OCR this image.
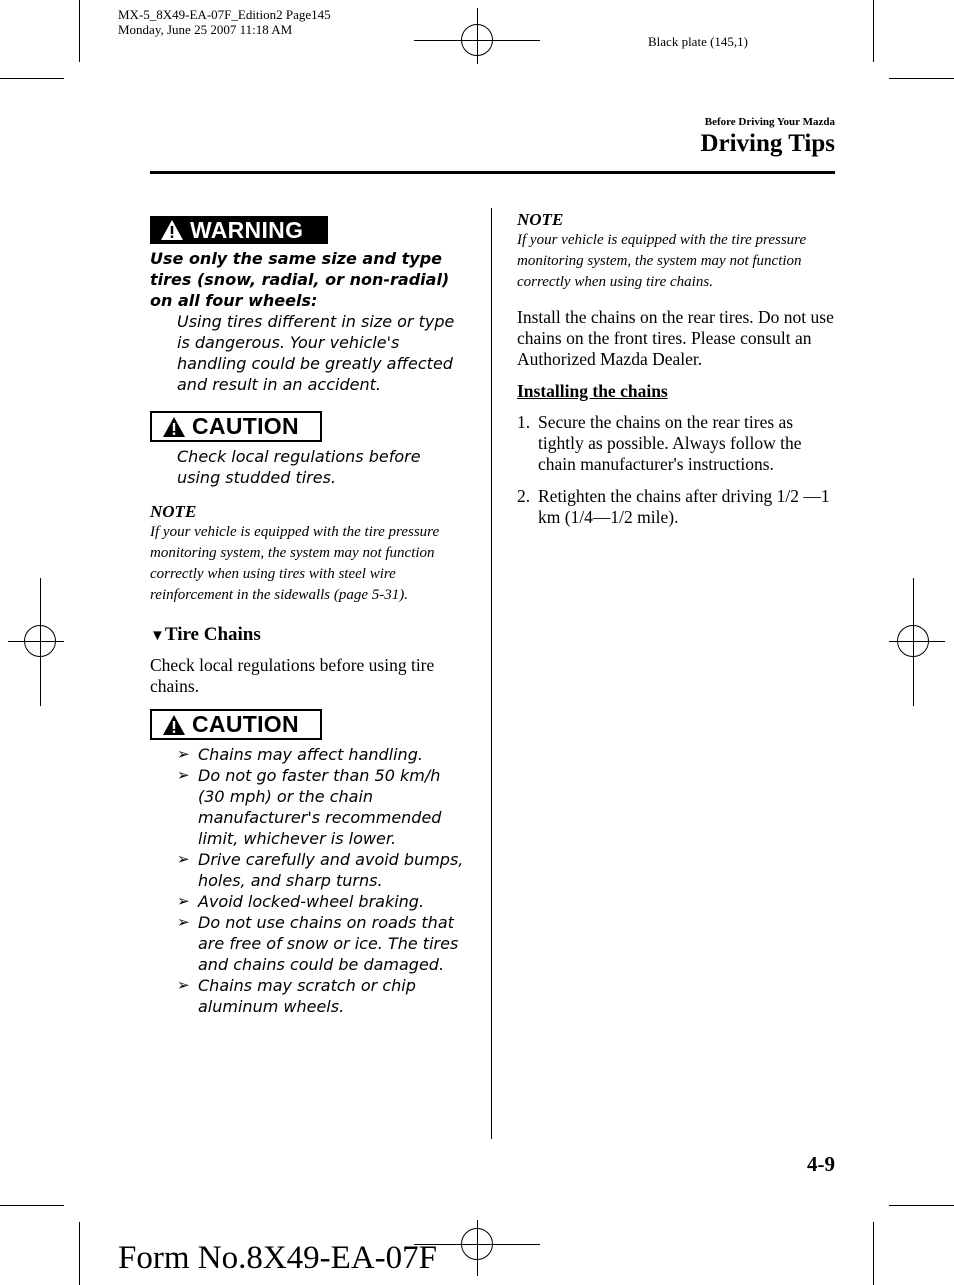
MX-5_8X49-EA-07F_Edition2 Page145
Monday, June 25 2007 11:18 AM
Black plate (145,1)
Before Driving Your Mazda
Driving Tips
WARNING
Use only the same size and type tires (snow, radial, or non-radial) on all four wheels:
Using tires different in size or type is dangerous. Your vehicle's handling could be greatly affected and result in an accident.
CAUTION
Check local regulations before using studded tires.
NOTE
If your vehicle is equipped with the tire pressure monitoring system, the system may not function correctly when using tires with steel wire reinforcement in the sidewalls (page 5-31).
▼Tire Chains
Check local regulations before using tire chains.
CAUTION
➢ Chains may affect handling.
➢ Do not go faster than 50 km/h (30 mph) or the chain manufacturer's recommended limit, whichever is lower.
➢ Drive carefully and avoid bumps, holes, and sharp turns.
➢ Avoid locked-wheel braking.
➢ Do not use chains on roads that are free of snow or ice. The tires and chains could be damaged.
➢ Chains may scratch or chip aluminum wheels.
NOTE
If your vehicle is equipped with the tire pressure monitoring system, the system may not function correctly when using tire chains.
Install the chains on the rear tires. Do not use chains on the front tires. Please consult an Authorized Mazda Dealer.
Installing the chains
1. Secure the chains on the rear tires as tightly as possible. Always follow the chain manufacturer's instructions.
2. Retighten the chains after driving 1/2 ―1 km (1/4―1/2 mile).
4-9
Form No.8X49-EA-07F
